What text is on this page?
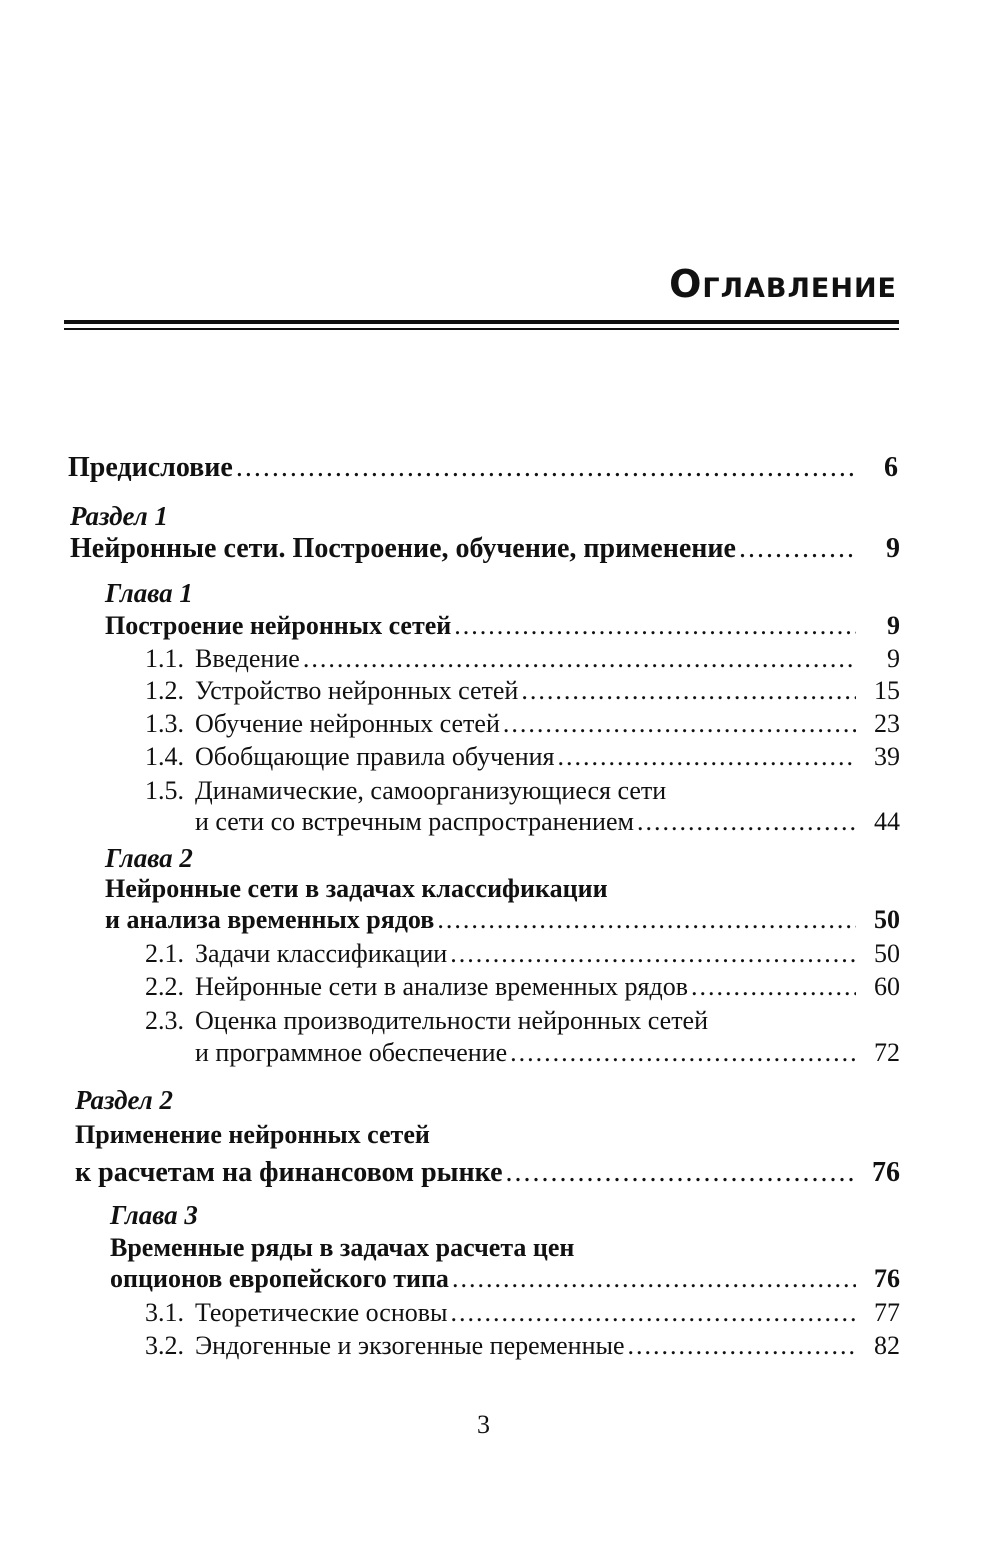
Оглавление
Предисловие .....	6
Раздел 1
Нейронные сети. Построение, обучение, применение .....	9
Глава 1
Построение нейронных сетей .....	9
1.1. Введение .....	9
1.2. Устройство нейронных сетей .....	15
1.3. Обучение нейронных сетей .....	23
1.4. Обобщающие правила обучения .....	39
1.5. Динамические, самоорганизующиеся сети
и сети со встречным распространением .....	44
Глава 2
Нейронные сети в задачах классификации
и анализа временных рядов .....	50
2.1. Задачи классификации .....	50
2.2. Нейронные сети в анализе временных рядов .....	60
2.3. Оценка производительности нейронных сетей
и программное обеспечение .....	72
Раздел 2
Применение нейронных сетей
к расчетам на финансовом рынке .....	76
Глава 3
Временные ряды в задачах расчета цен
опционов европейского типа .....	76
3.1. Теоретические основы .....	77
3.2. Эндогенные и экзогенные переменные .....	82
3
